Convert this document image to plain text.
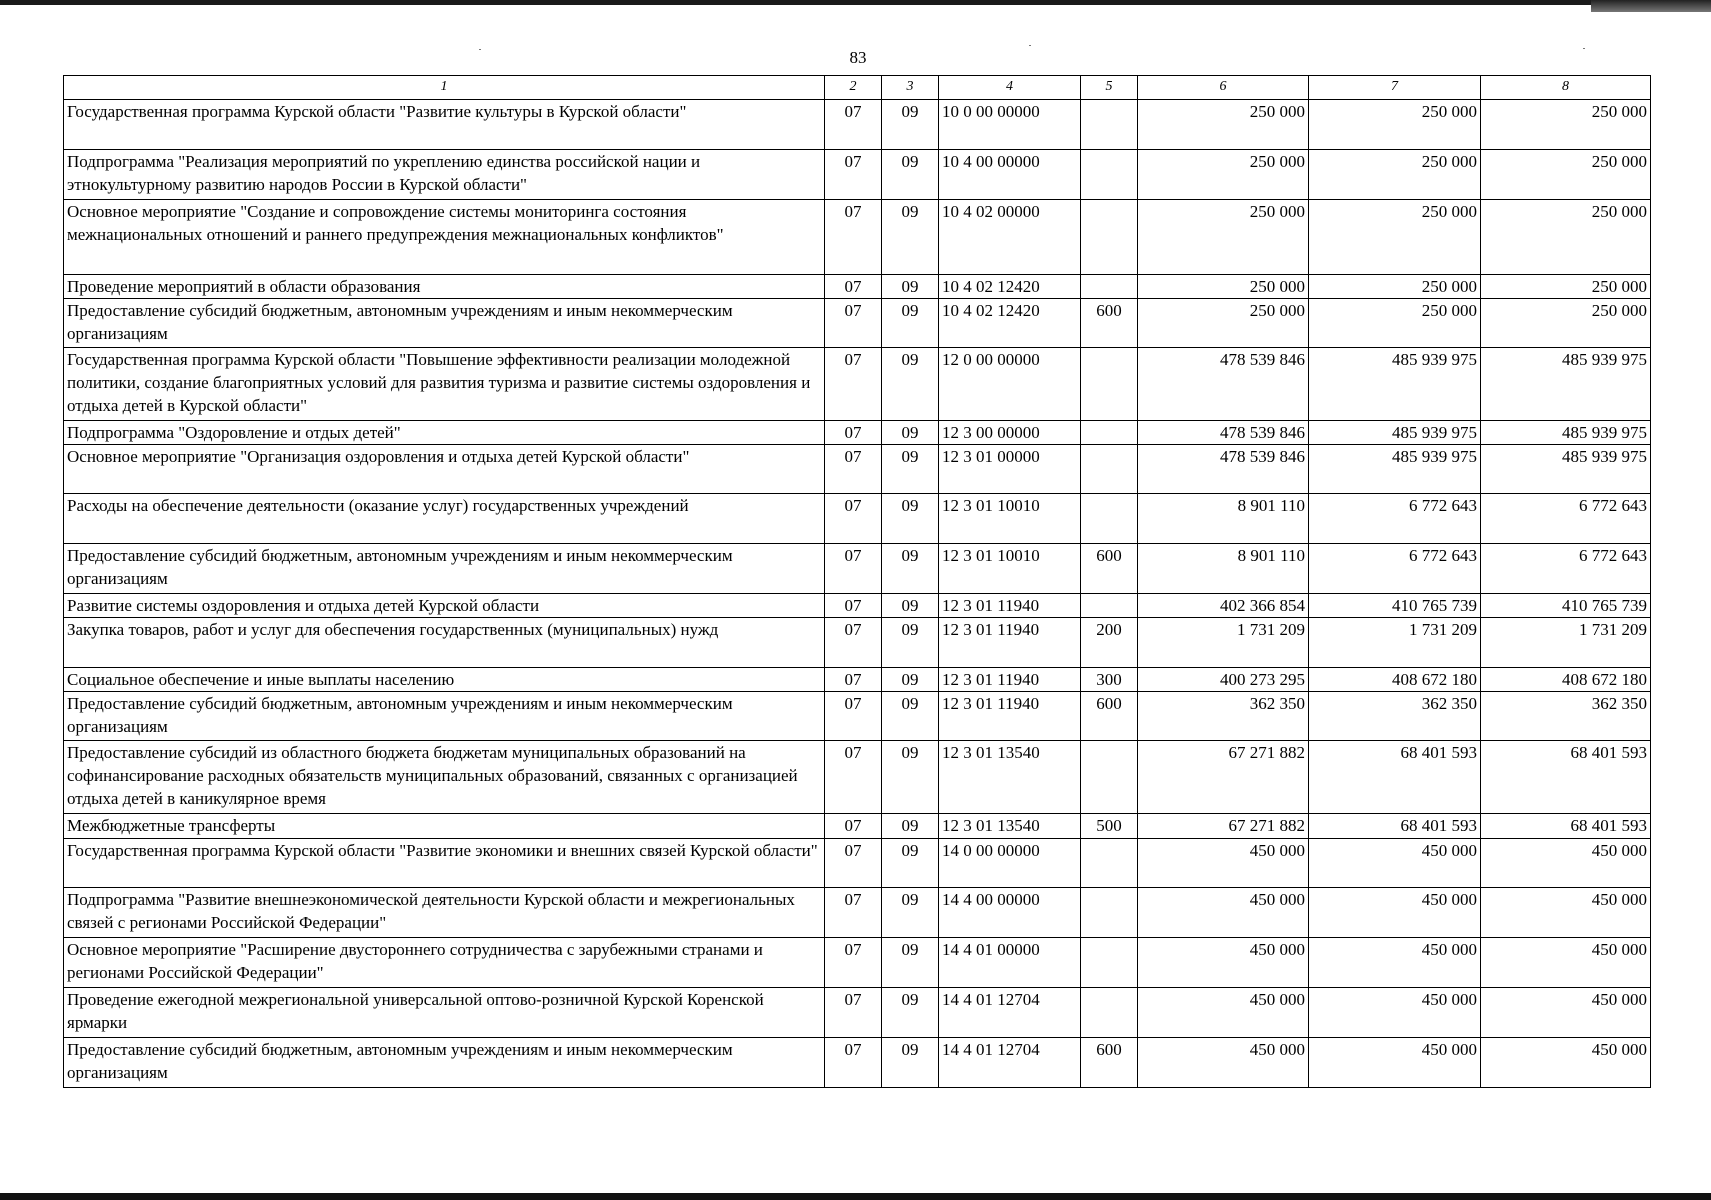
83
1	2	3	4	5	6	7	8
Государственная программа Курской области "Развитие культуры в Курской области"	07	09	10 0 00 00000		250 000	250 000	250 000
Подпрограмма "Реализация мероприятий по укреплению единства российской нации и этнокультурному развитию народов России в Курской области"	07	09	10 4 00 00000		250 000	250 000	250 000
Основное мероприятие "Создание и сопровождение системы мониторинга состояния межнациональных отношений и раннего предупреждения межнациональных конфликтов"	07	09	10 4 02 00000		250 000	250 000	250 000
Проведение мероприятий в области образования	07	09	10 4 02 12420		250 000	250 000	250 000
Предоставление субсидий бюджетным, автономным учреждениям и иным некоммерческим организациям	07	09	10 4 02 12420	600	250 000	250 000	250 000
Государственная программа Курской области "Повышение эффективности реализации молодежной политики, создание благоприятных условий для развития туризма и развитие системы оздоровления и отдыха детей в Курской области"	07	09	12 0 00 00000		478 539 846	485 939 975	485 939 975
Подпрограмма "Оздоровление и отдых детей"	07	09	12 3 00 00000		478 539 846	485 939 975	485 939 975
Основное мероприятие "Организация оздоровления и отдыха детей Курской области"	07	09	12 3 01 00000		478 539 846	485 939 975	485 939 975
Расходы на обеспечение деятельности (оказание услуг) государственных учреждений	07	09	12 3 01 10010		8 901 110	6 772 643	6 772 643
Предоставление субсидий бюджетным, автономным учреждениям и иным некоммерческим организациям	07	09	12 3 01 10010	600	8 901 110	6 772 643	6 772 643
Развитие системы оздоровления и отдыха детей Курской области	07	09	12 3 01 11940		402 366 854	410 765 739	410 765 739
Закупка товаров, работ и услуг для обеспечения государственных (муниципальных) нужд	07	09	12 3 01 11940	200	1 731 209	1 731 209	1 731 209
Социальное обеспечение и иные выплаты населению	07	09	12 3 01 11940	300	400 273 295	408 672 180	408 672 180
Предоставление субсидий бюджетным, автономным учреждениям и иным некоммерческим организациям	07	09	12 3 01 11940	600	362 350	362 350	362 350
Предоставление субсидий из областного бюджета бюджетам муниципальных образований на софинансирование расходных обязательств муниципальных образований, связанных с организацией отдыха детей в каникулярное время	07	09	12 3 01 13540		67 271 882	68 401 593	68 401 593
Межбюджетные трансферты	07	09	12 3 01 13540	500	67 271 882	68 401 593	68 401 593
Государственная программа Курской области "Развитие экономики и внешних связей Курской области"	07	09	14 0 00 00000		450 000	450 000	450 000
Подпрограмма "Развитие внешнеэкономической деятельности Курской области и межрегиональных связей с регионами Российской Федерации"	07	09	14 4 00 00000		450 000	450 000	450 000
Основное мероприятие "Расширение двустороннего сотрудничества с зарубежными странами и регионами Российской Федерации"	07	09	14 4 01 00000		450 000	450 000	450 000
Проведение ежегодной межрегиональной универсальной оптово-розничной Курской Коренской ярмарки	07	09	14 4 01 12704		450 000	450 000	450 000
Предоставление субсидий бюджетным, автономным учреждениям и иным некоммерческим организациям	07	09	14 4 01 12704	600	450 000	450 000	450 000
